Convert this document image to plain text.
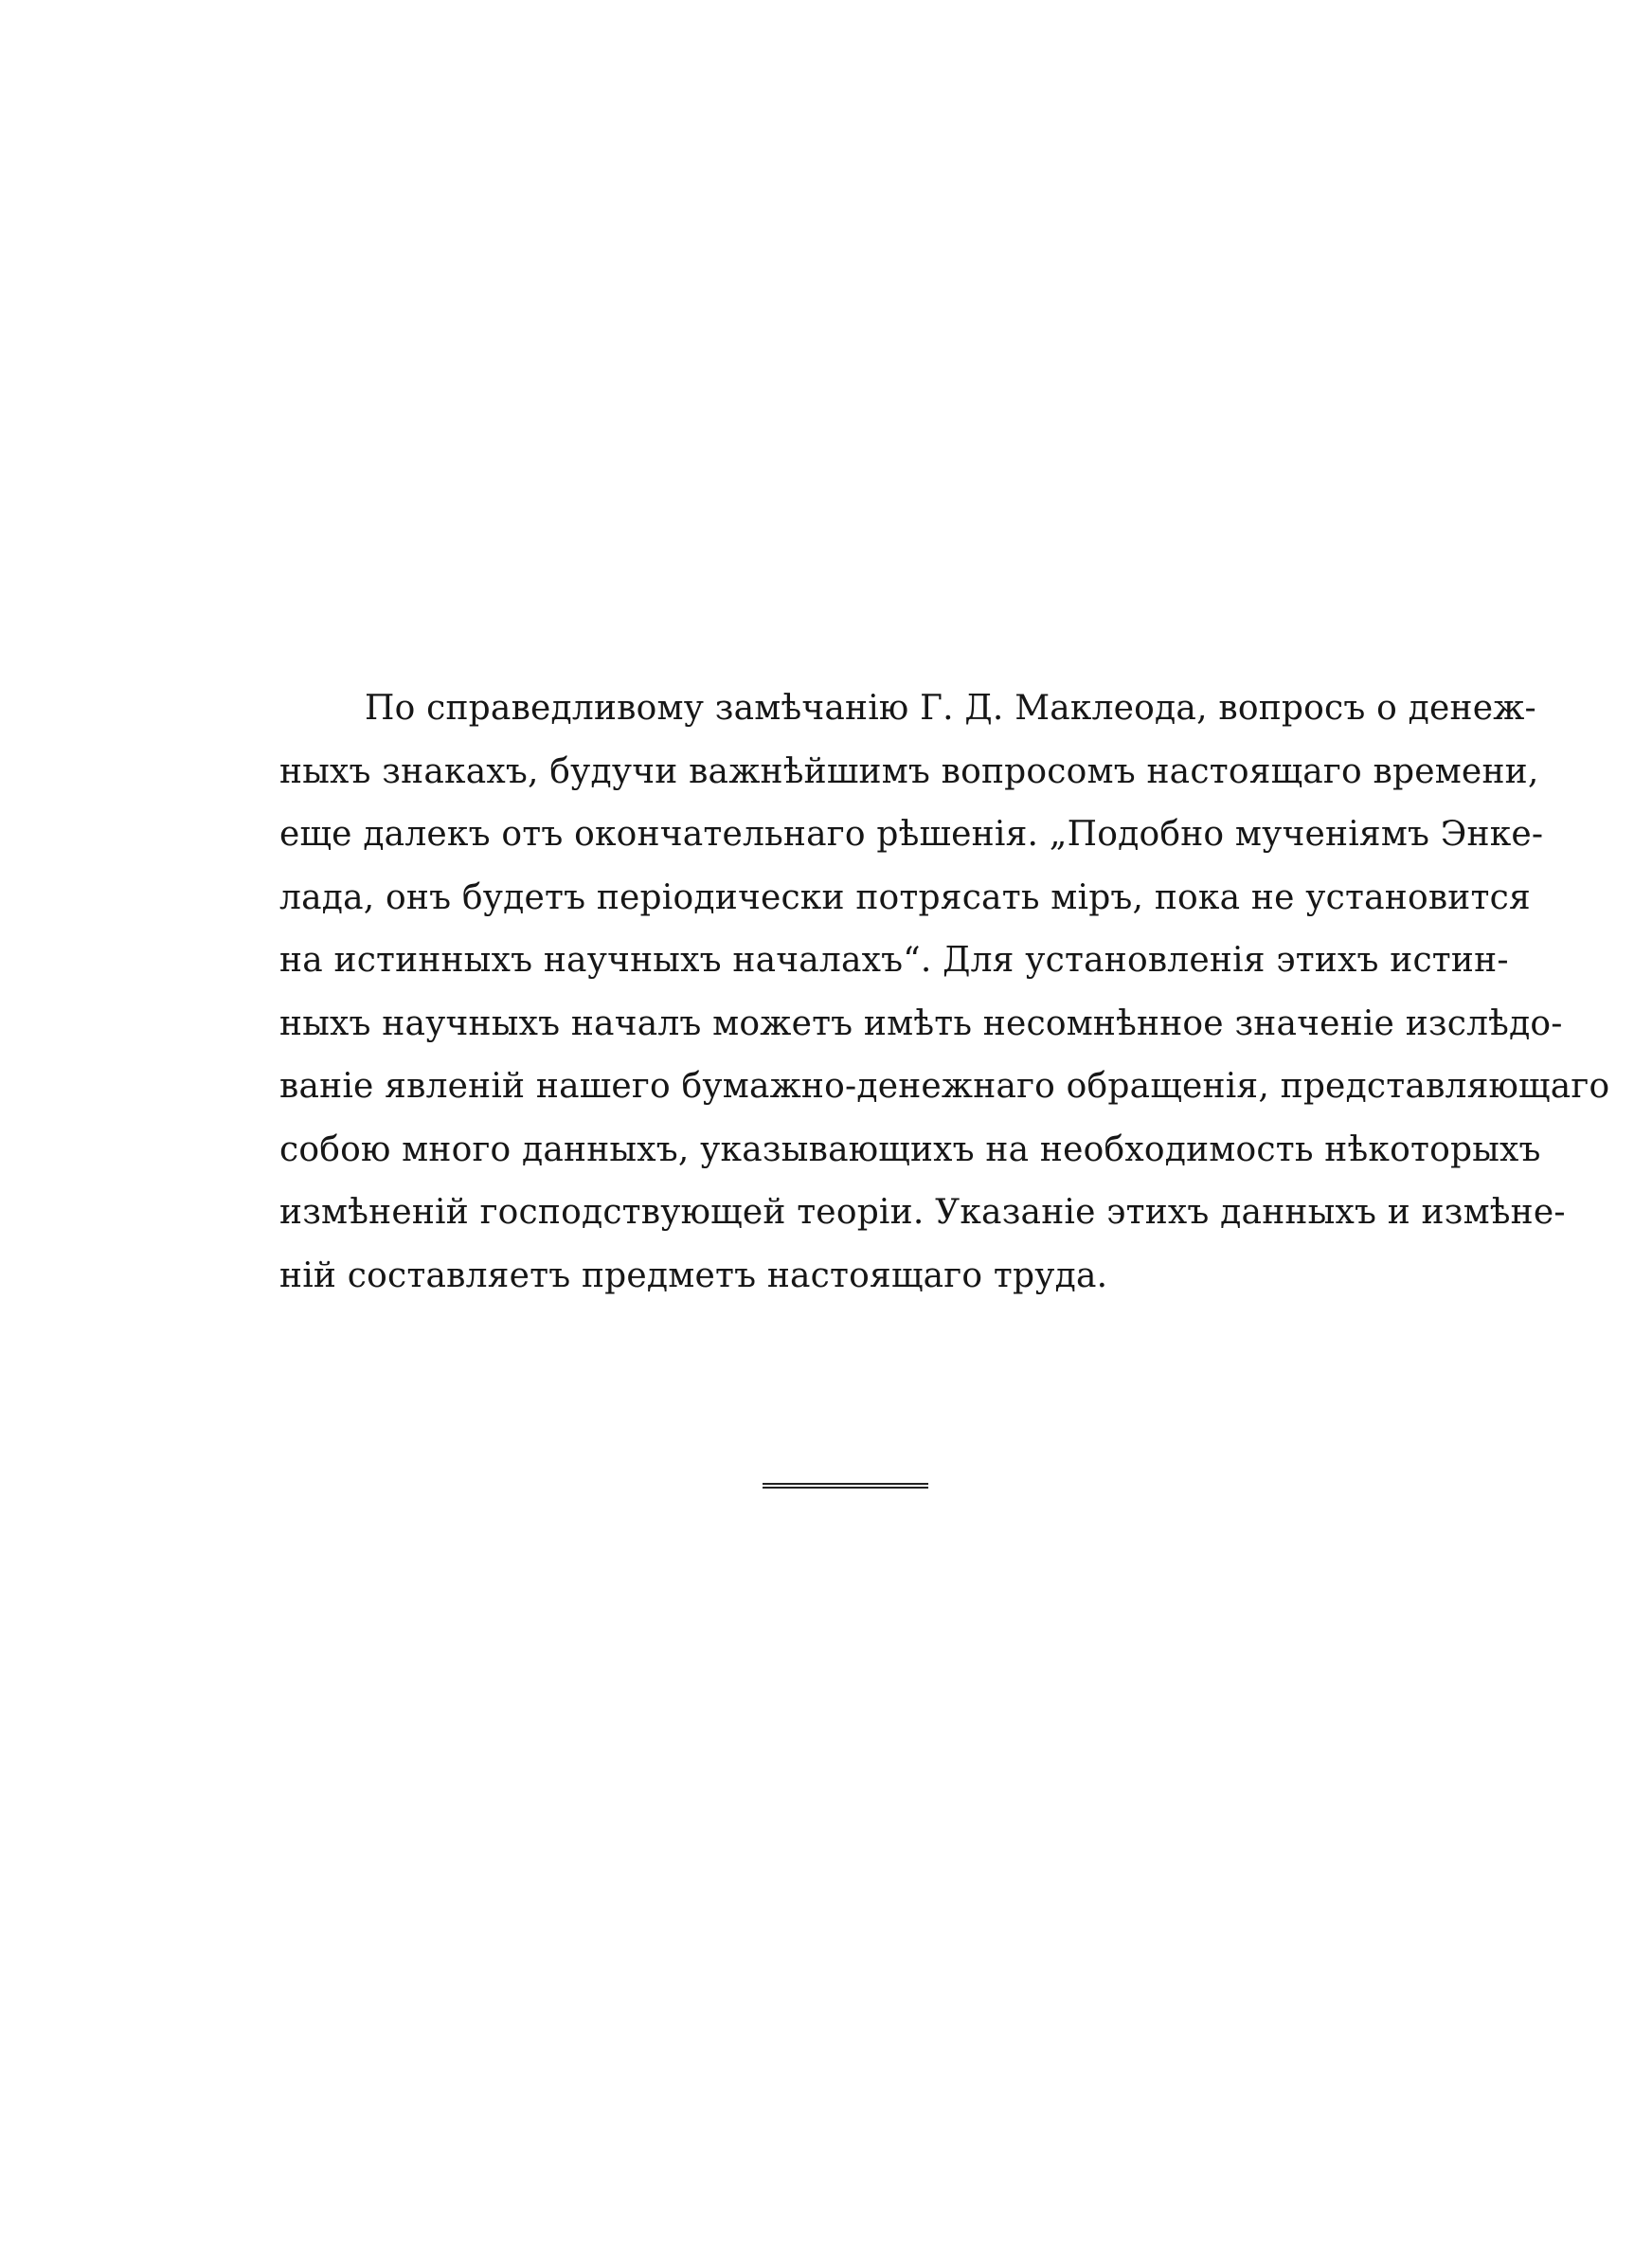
По справедливому замѣчанію Г. Д. Маклеода, вопросъ о денеж-
ныхъ знакахъ, будучи важнѣйшимъ вопросомъ настоящаго времени,
еще далекъ отъ окончательнаго рѣшенія. „Подобно мученіямъ Энке-
лада, онъ будетъ періодически потрясать міръ, пока не установится
на истинныхъ научныхъ началахъ“. Для установленія этихъ истин-
ныхъ научныхъ началъ можетъ имѣть несомнѣнное значеніе изслѣдо-
ваніе явленій нашего бумажно-денежнаго обращенія, представляющаго
собою много данныхъ, указывающихъ на необходимость нѣкоторыхъ
измѣненій господствующей теоріи. Указаніе этихъ данныхъ и измѣне-
ній составляетъ предметъ настоящаго труда.
